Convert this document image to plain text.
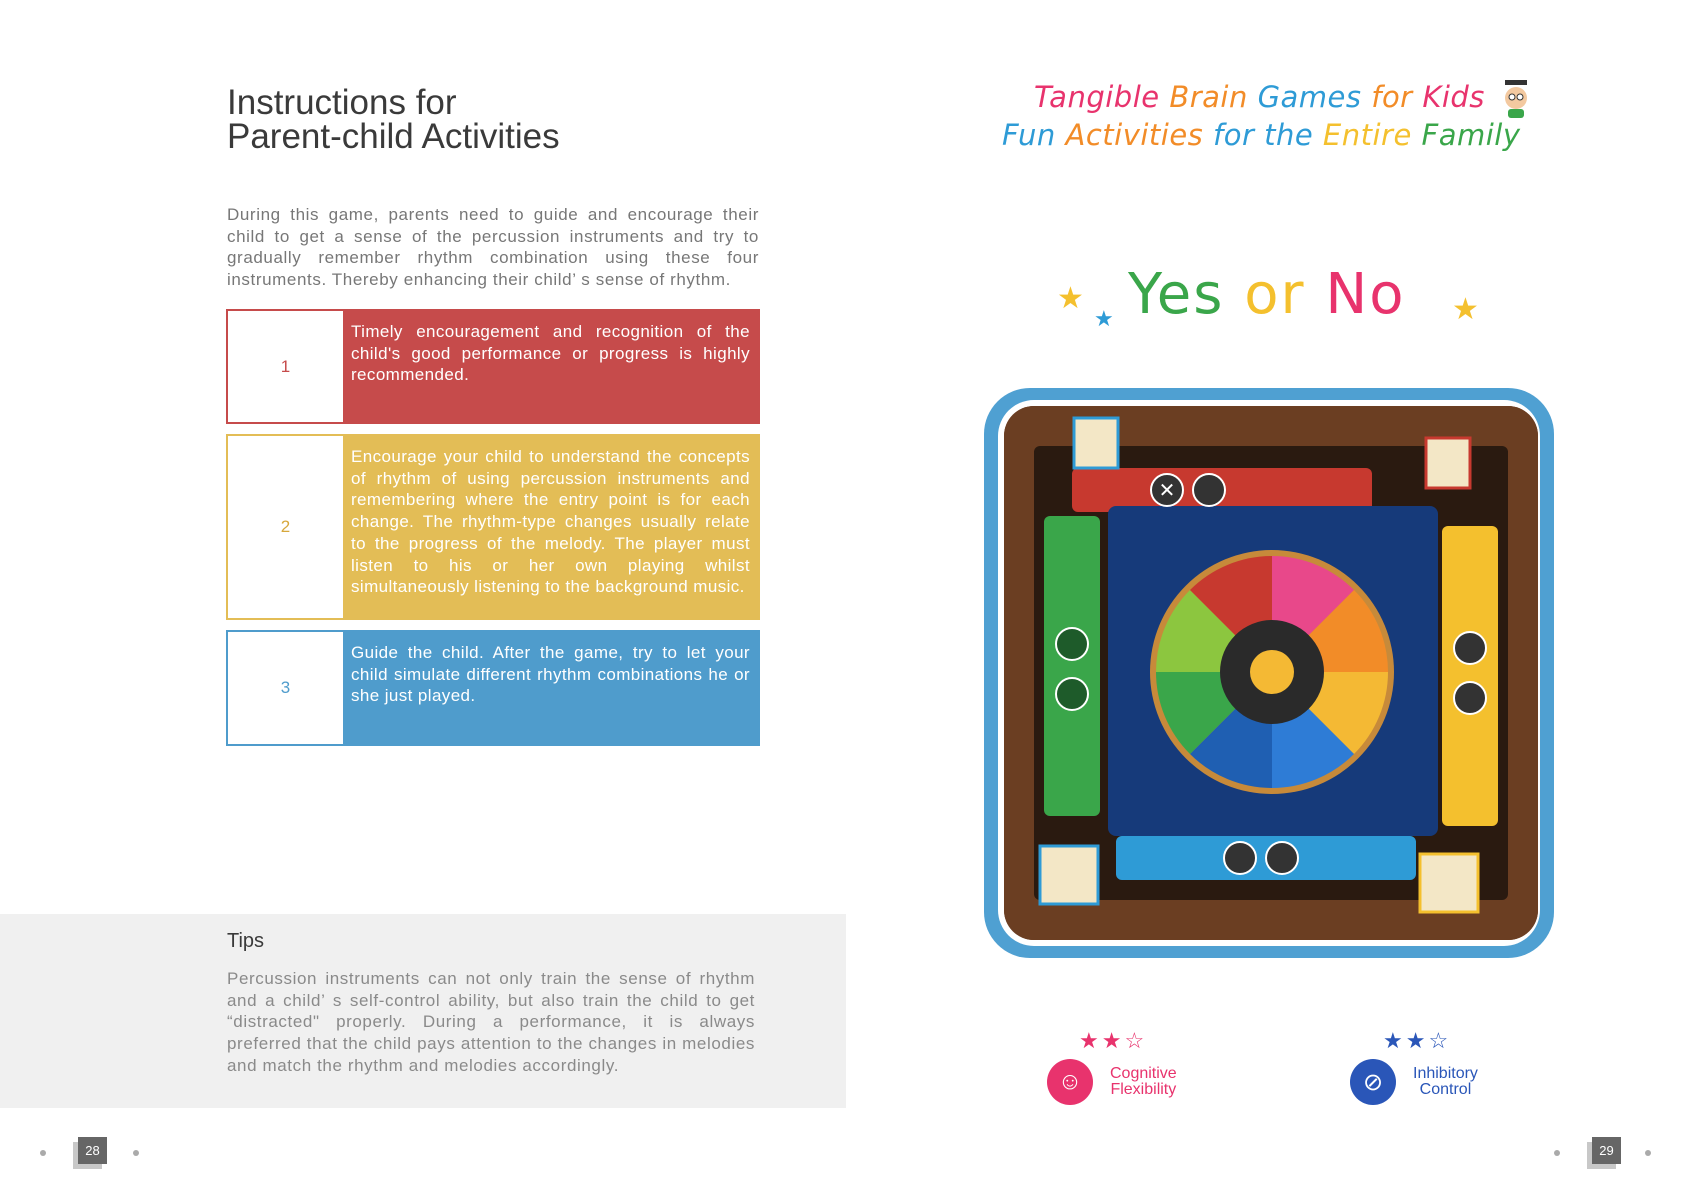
Instructions for
Parent-child Activities

During this game, parents need to guide and encourage their child to get a sense of the percussion instruments and try to gradually remember rhythm combination using these four instruments. Thereby enhancing their child’ s sense of rhythm.

1
Timely encouragement and recognition of the child's good performance or progress is highly recommended.
2
Encourage your child to understand the concepts of rhythm of using percussion instruments and remembering where the entry point is for each change. The rhythm-type changes usually relate to the progress of the melody. The player must listen to his or her own playing whilst simultaneously listening to the background music.
3
Guide the child. After the game, try to let your child simulate different rhythm combinations he or she just played.
Tips

Percussion instruments can not only train the sense of rhythm and a child’ s self-control ability, but also train the child to get “distracted" properly. During a performance, it is always preferred that the child pays attention to the changes in melodies and match the rhythm and melodies accordingly.

28
Tangible Brain Games for Kids
Fun Activities for the Entire Family
★
★ Yes or No ★
✕
★★☆
☺	Cognitive
Flexibility
★★☆
⊘	Inhibitory
Control
29
